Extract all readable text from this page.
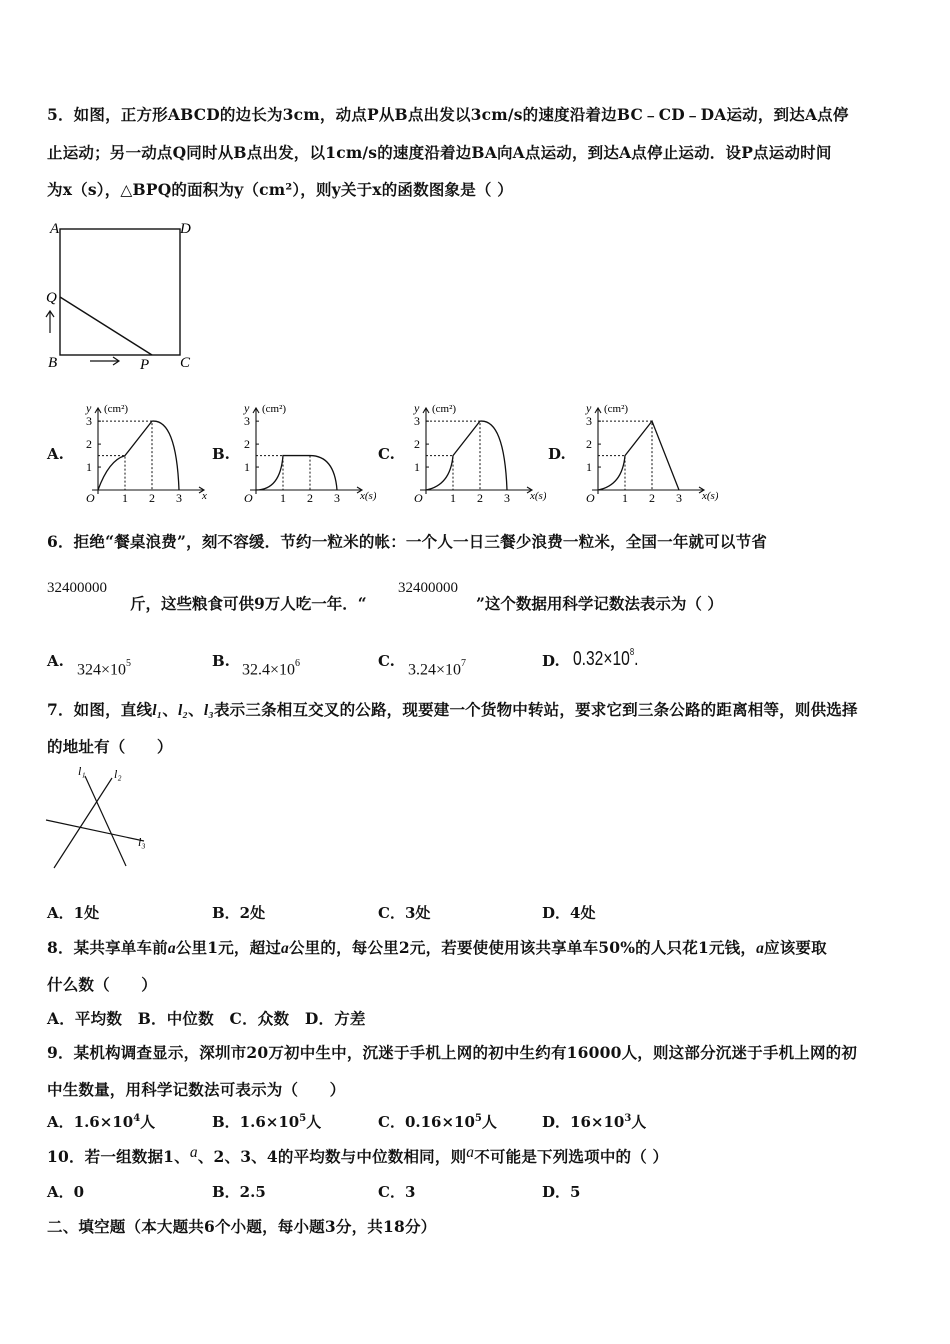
5．如图，正方形ABCD的边长为3cm，动点P从B点出发以3cm/s的速度沿着边BC﹣CD﹣DA运动，到达A点停
止运动；另一动点Q同时从B点出发，以1cm/s的速度沿着边BA向A点运动，到达A点停止运动．设P点运动时间
为x（s），△BPQ的面积为y（cm²），则y关于x的函数图象是（ ）
A	D
Q
B	P C
A.
y (cm²)
x
O 1 2 3
1
2
3
B.
y (cm²)
x(s)
O 1 2 3
1
2
3
C.
y (cm²)
x(s)
O 1 2 3
1
2
3
D.
y (cm²)
x(s)
O 1 2 3
1
2
3
6．拒绝“餐桌浪费”，刻不容缓．节约一粒米的帐：一个人一日三餐少浪费一粒米，全国一年就可以节省
32400000
斤，这些粮食可供9万人吃一年．“
32400000
”这个数据用科学记数法表示为（ ）
A. $324\times 10^5$	B. $32.4\times 10^6$	C. $3.24\times 10^7$	D. $0.32\times 10^8$.
7．如图，直线l₁、l₂、l₃表示三条相互交叉的公路，现要建一个货物中转站，要求它到三条公路的距离相等，则供选择
的地址有（　　）
l₁ l₂
l₃
A．1处	B．2处	C．3处	D．4处
8．某共享单车前a公里1元，超过a公里的，每公里2元，若要使使用该共享单车50%的人只花1元钱，a应该要取
什么数（　　）
A．平均数　B．中位数　C．众数　D．方差
9．某机构调查显示，深圳市20万初中生中，沉迷于手机上网的初中生约有16000人，则这部分沉迷于手机上网的初
中生数量，用科学记数法可表示为（　　）
A．$1.6\times 10^4$人	B．$1.6\times 10^5$人	C．$0.16\times 10^5$人	D．$16\times 10^3$人
10．若一组数据1、a、2、3、4的平均数与中位数相同，则a不可能是下列选项中的（ ）
A．0	B．2.5	C．3	D．5
二、填空题（本大题共6个小题，每小题3分，共18分）
